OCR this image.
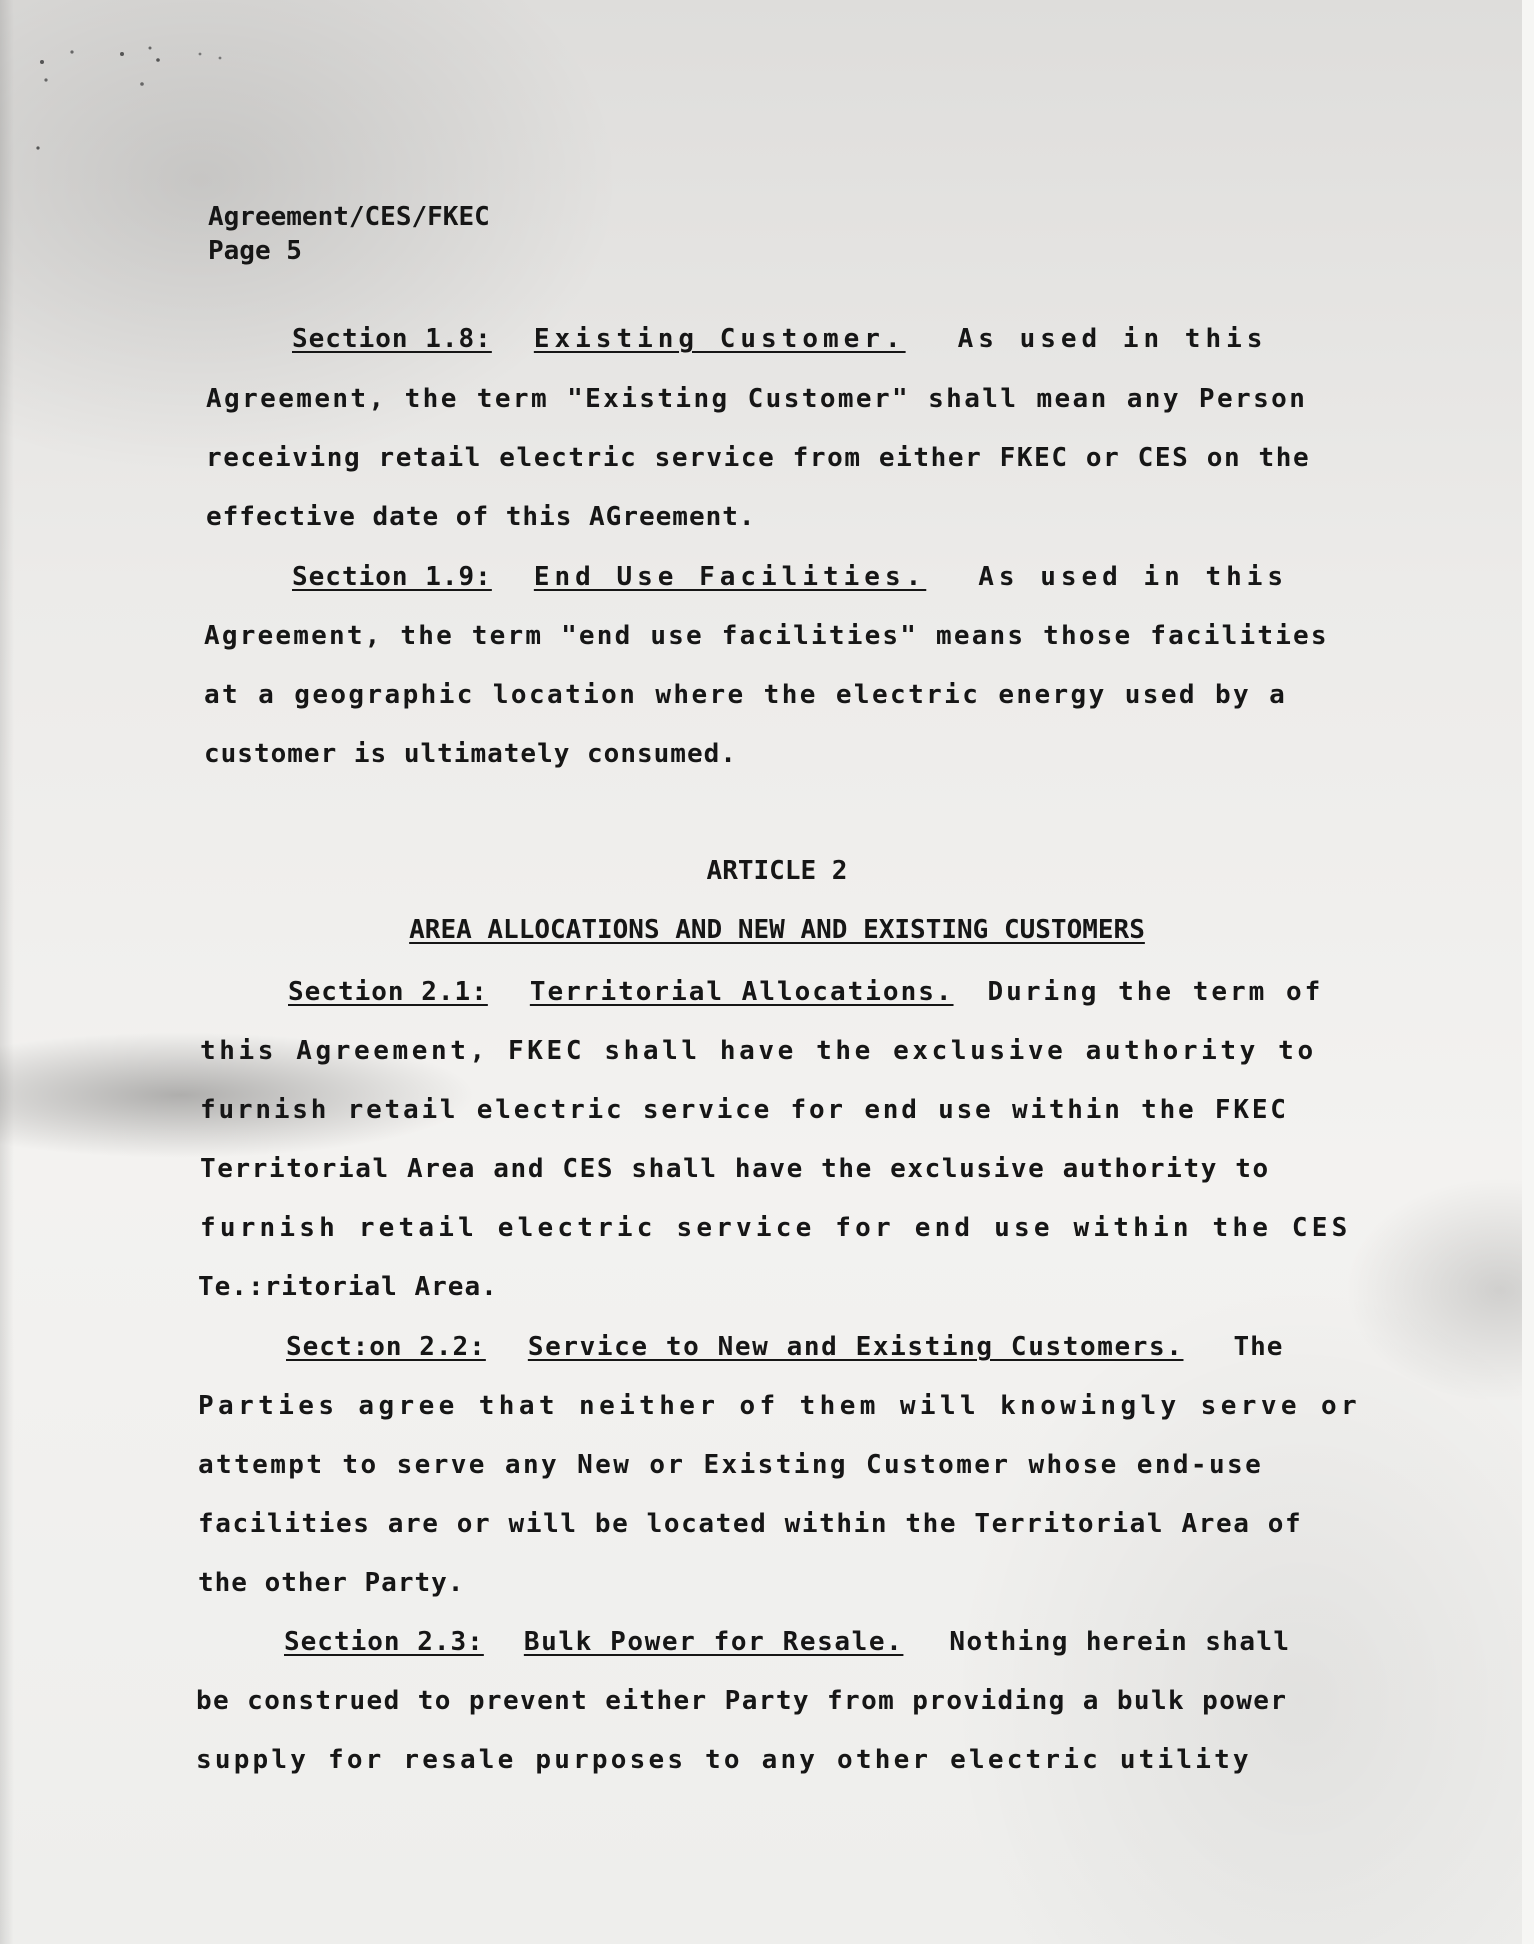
Agreement/CES/FKEC
Page 5
Section 1.8: Existing Customer. As used in this
Agreement, the term "Existing Customer" shall mean any Person
receiving retail electric service from either FKEC or CES on the
effective date of this AGreement.
Section 1.9: End Use Facilities. As used in this
Agreement, the term "end use facilities" means those facilities
at a geographic location where the electric energy used by a
customer is ultimately consumed.
ARTICLE 2
AREA ALLOCATIONS AND NEW AND EXISTING CUSTOMERS
Section 2.1: Territorial Allocations. During the term of
this Agreement, FKEC shall have the exclusive authority to
furnish retail electric service for end use within the FKEC
Territorial Area and CES shall have the exclusive authority to
furnish retail electric service for end use within the CES
Te.:ritorial Area.
Sect:on 2.2: Service to New and Existing Customers. The
Parties agree that neither of them will knowingly serve or
attempt to serve any New or Existing Customer whose end-use
facilities are or will be located within the Territorial Area of
the other Party.
Section 2.3: Bulk Power for Resale. Nothing herein shall
be construed to prevent either Party from providing a bulk power
supply for resale purposes to any other electric utility
